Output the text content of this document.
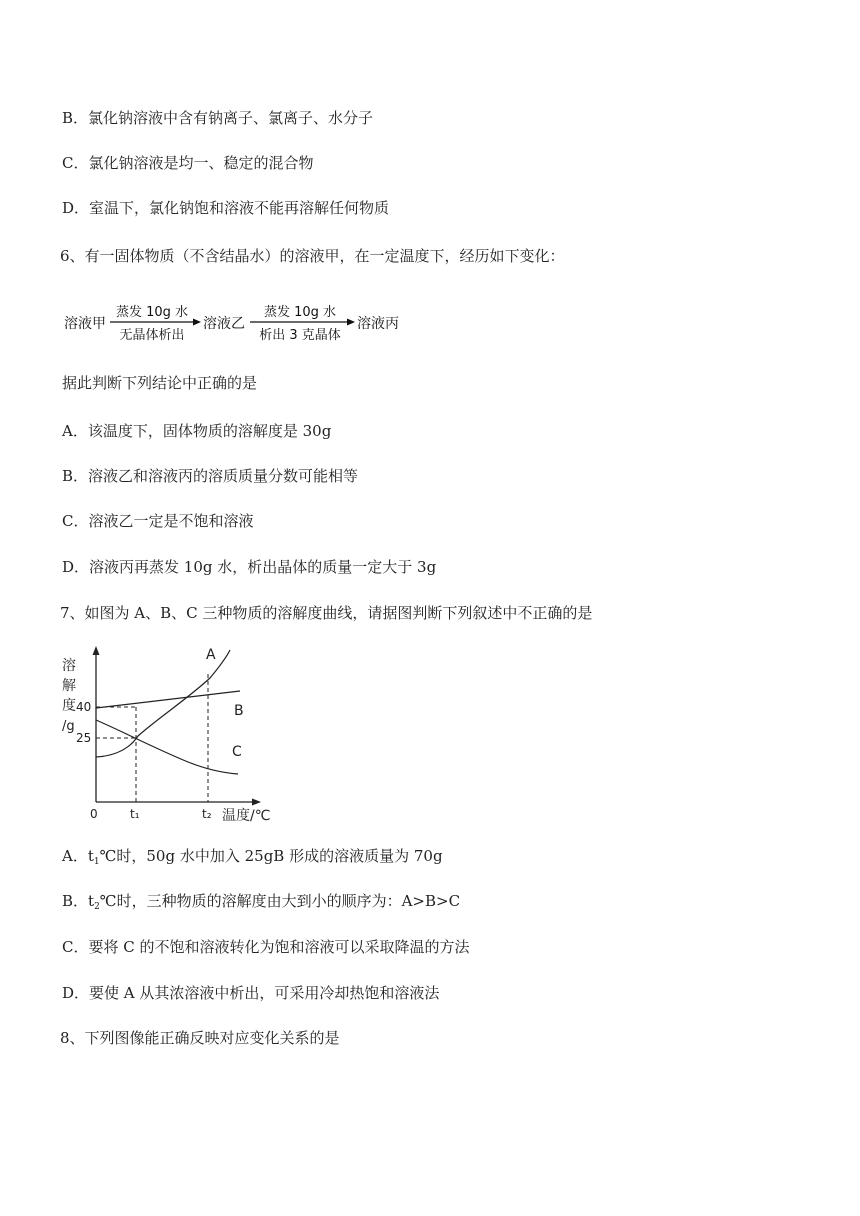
B．氯化钠溶液中含有钠离子、氯离子、水分子
C．氯化钠溶液是均一、稳定的混合物
D．室温下，氯化钠饱和溶液不能再溶解任何物质
6、有一固体物质（不含结晶水）的溶液甲，在一定温度下，经历如下变化：
溶液甲
蒸发 10g 水
无晶体析出
溶液乙
蒸发 10g 水
析出 3 克晶体
溶液丙
据此判断下列结论中正确的是
A．该温度下，固体物质的溶解度是 30g
B．溶液乙和溶液丙的溶质质量分数可能相等
C．溶液乙一定是不饱和溶液
D．溶液丙再蒸发 10g 水，析出晶体的质量一定大于 3g
7、如图为 A、B、C 三种物质的溶解度曲线，请据图判断下列叙述中不正确的是
A
B
C
溶
解
度
/g
40
25
0	t₁	t₂ 温度/℃
A．$t_1℃$时，50g 水中加入 25gB 形成的溶液质量为 70g
B．$t_2℃$时，三种物质的溶解度由大到小的顺序为：A>B>C
C．要将 C 的不饱和溶液转化为饱和溶液可以采取降温的方法
D．要使 A 从其浓溶液中析出，可采用冷却热饱和溶液法
8、下列图像能正确反映对应变化关系的是
